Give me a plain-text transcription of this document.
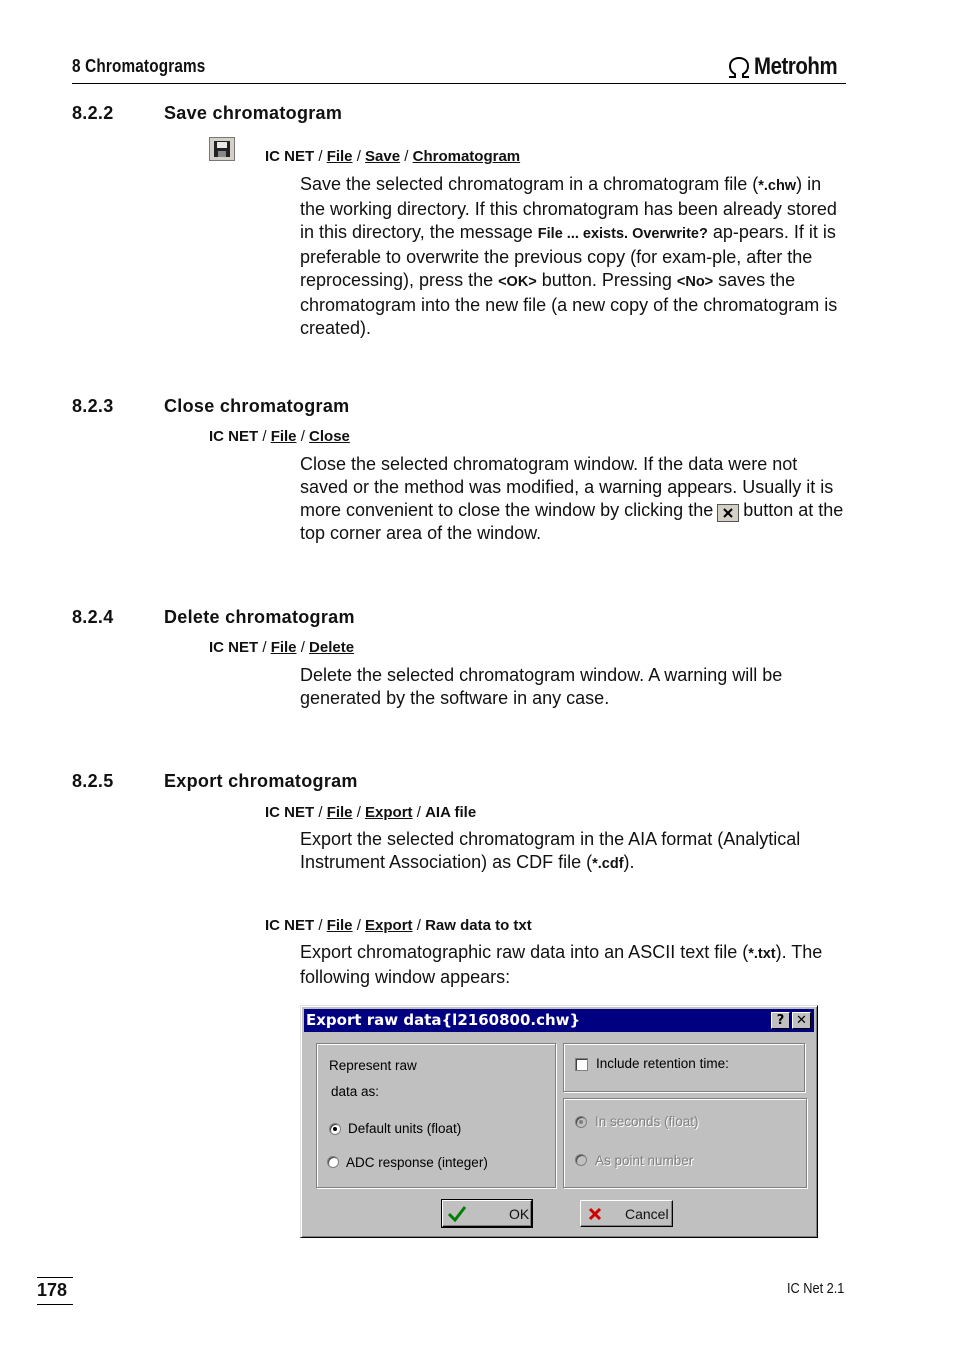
8 Chromatograms	Metrohm
8.2.2	Save chromatogram
IC NET / File / Save / Chromatogram
Save the selected chromatogram in a chromatogram file (*.chw) in the working directory. If this chromatogram has been already stored in this directory, the message File ... exists. Overwrite? ap-pears. If it is preferable to overwrite the previous copy (for exam-ple, after the reprocessing), press the <OK> button. Pressing <No> saves the chromatogram into the new file (a new copy of the chromatogram is created).
8.2.3	Close chromatogram
IC NET / File / Close
Close the selected chromatogram window. If the data were not saved or the method was modified, a warning appears. Usually it is more convenient to close the window by clicking the button at the top corner area of the window.
8.2.4	Delete chromatogram
IC NET / File / Delete
Delete the selected chromatogram window. A warning will be generated by the software in any case.
8.2.5	Export chromatogram
IC NET / File / Export / AIA file
Export the selected chromatogram in the AIA format (Analytical Instrument Association) as CDF file (*.cdf).
IC NET / File / Export / Raw data to txt
Export chromatographic raw data into an ASCII text file (*.txt). The following window appears:
Export raw data{l2160800.chw}	? ✕
Represent raw
data as:
Default units (float)
ADC response (integer)
Include retention time:
In seconds (float)
As point number
OK	Cancel
178	IC Net 2.1
